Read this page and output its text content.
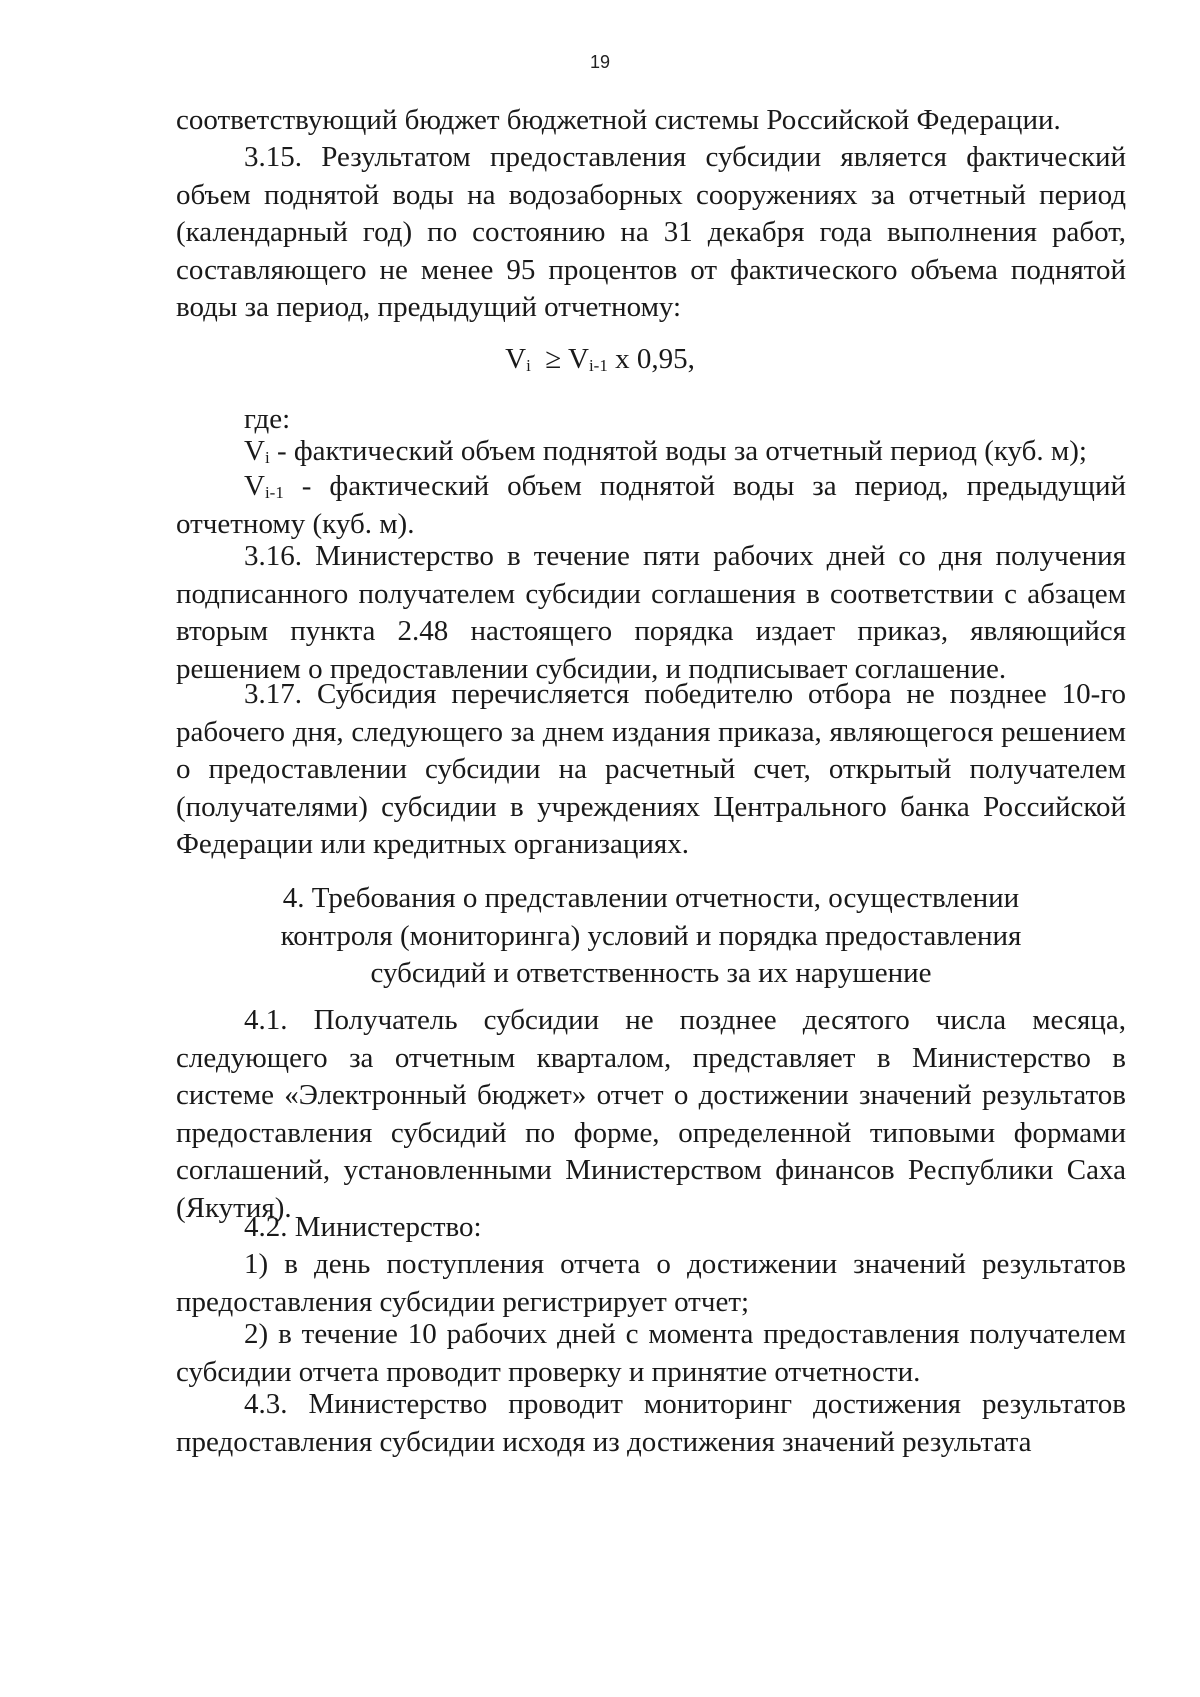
19
соответствующий бюджет бюджетной системы Российской Федерации.
3.15. Результатом предоставления субсидии является фактический объем поднятой воды на водозаборных сооружениях за отчетный период (календарный год) по состоянию на 31 декабря года выполнения работ, составляющего не менее 95 процентов от фактического объема поднятой воды за период, предыдущий отчетному:
$V_i \ge V_{i-1}$ x 0,95,
где:
$V_i$ - фактический объем поднятой воды за отчетный период (куб. м);
$V_{i-1}$ - фактический объем поднятой воды за период, предыдущий отчетному (куб. м).
3.16. Министерство в течение пяти рабочих дней со дня получения подписанного получателем субсидии соглашения в соответствии с абзацем вторым пункта 2.48 настоящего порядка издает приказ, являющийся решением о предоставлении субсидии, и подписывает соглашение.
3.17. Субсидия перечисляется победителю отбора не позднее 10-го рабочего дня, следующего за днем издания приказа, являющегося решением о предоставлении субсидии на расчетный счет, открытый получателем (получателями) субсидии в учреждениях Центрального банка Российской Федерации или кредитных организациях.
4. Требования о представлении отчетности, осуществлении
контроля (мониторинга) условий и порядка предоставления
субсидий и ответственность за их нарушение
4.1. Получатель субсидии не позднее десятого числа месяца, следующего за отчетным кварталом, представляет в Министерство в системе «Электронный бюджет» отчет о достижении значений результатов предоставления субсидий по форме, определенной типовыми формами соглашений, установленными Министерством финансов Республики Саха (Якутия).
4.2. Министерство:
1) в день поступления отчета о достижении значений результатов предоставления субсидии регистрирует отчет;
2) в течение 10 рабочих дней с момента предоставления получателем субсидии отчета проводит проверку и принятие отчетности.
4.3. Министерство проводит мониторинг достижения результатов предоставления субсидии исходя из достижения значений результата
